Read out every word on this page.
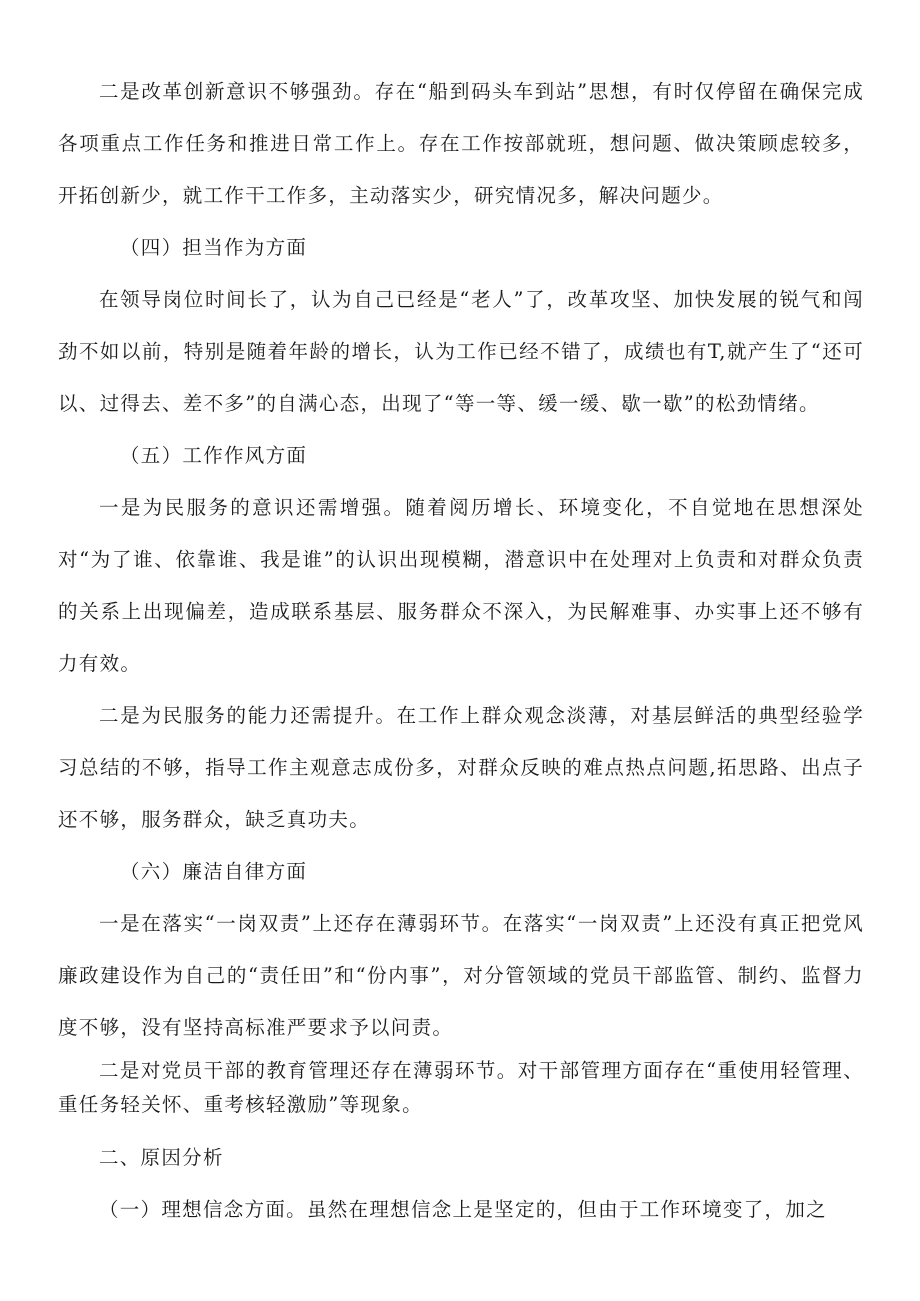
二是改革创新意识不够强劲。存在“船到码头车到站”思想，有时仅停留在确保完成各项重点工作任务和推进日常工作上。存在工作按部就班，想问题、做决策顾虑较多，开拓创新少，就工作干工作多，主动落实少，研究情况多，解决问题少。

（四）担当作为方面

在领导岗位时间长了，认为自己已经是“老人”了，改革攻坚、加快发展的锐气和闯劲不如以前，特别是随着年龄的增长，认为工作已经不错了，成绩也有T,就产生了“还可以、过得去、差不多”的自满心态，出现了“等一等、缓一缓、歇一歇”的松劲情绪。

（五）工作作风方面

一是为民服务的意识还需增强。随着阅历增长、环境变化，不自觉地在思想深处对“为了谁、依靠谁、我是谁”的认识出现模糊，潜意识中在处理对上负责和对群众负责的关系上出现偏差，造成联系基层、服务群众不深入，为民解难事、办实事上还不够有力有效。

二是为民服务的能力还需提升。在工作上群众观念淡薄，对基层鲜活的典型经验学习总结的不够，指导工作主观意志成份多，对群众反映的难点热点问题,拓思路、出点子还不够，服务群众，缺乏真功夫。

（六）廉洁自律方面

一是在落实“一岗双责”上还存在薄弱环节。在落实“一岗双责”上还没有真正把党风廉政建设作为自己的“责任田”和“份内事”，对分管领域的党员干部监管、制约、监督力度不够，没有坚持高标准严要求予以问责。

二是对党员干部的教育管理还存在薄弱环节。对干部管理方面存在“重使用轻管理、重任务轻关怀、重考核轻激励”等现象。

二、原因分析

（一）理想信念方面。虽然在理想信念上是坚定的，但由于工作环境变了，加之
